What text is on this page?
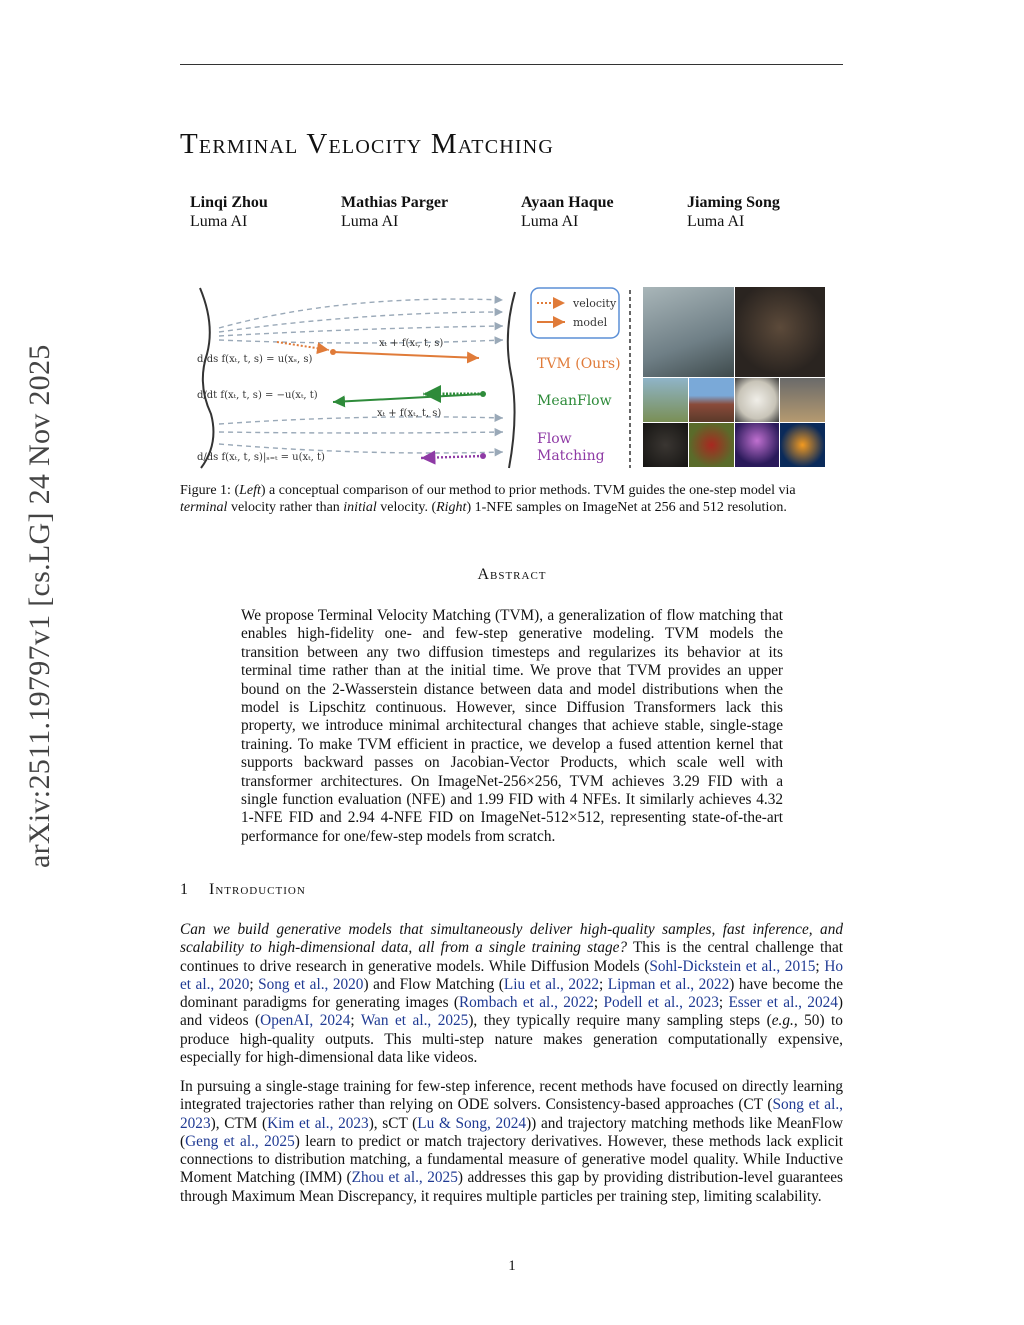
arXiv:2511.19797v1 [cs.LG] 24 Nov 2025
Terminal Velocity Matching
Linqi Zhou
Luma AI
Mathias Parger
Luma AI
Ayaan Haque
Luma AI
Jiaming Song
Luma AI
xₜ + f(xₜ, t, s)
d/ds f(xₜ, t, s) = u(xₛ, s)
d/dt f(xₜ, t, s) = −u(xₜ, t)
xₜ + f(xₜ, t, s)
d/ds f(xₜ, t, s)|ₛ₌ₜ = u(xₜ, t)
velocity
model
TVM (Ours)
MeanFlow
Flow
Matching
Figure 1: (Left) a conceptual comparison of our method to prior methods. TVM guides the one-step model via terminal velocity rather than initial velocity. (Right) 1-NFE samples on ImageNet at 256 and 512 resolution.
Abstract
We propose Terminal Velocity Matching (TVM), a generalization of flow matching that enables high-fidelity one- and few-step generative modeling. TVM models the transition between any two diffusion timesteps and regularizes its behavior at its terminal time rather than at the initial time. We prove that TVM provides an upper bound on the 2-Wasserstein distance between data and model distributions when the model is Lipschitz continuous. However, since Diffusion Transformers lack this property, we introduce minimal architectural changes that achieve stable, single-stage training. To make TVM efficient in practice, we develop a fused attention kernel that supports backward passes on Jacobian-Vector Products, which scale well with transformer architectures. On ImageNet-256×256, TVM achieves 3.29 FID with a single function evaluation (NFE) and 1.99 FID with 4 NFEs. It similarly achieves 4.32 1-NFE FID and 2.94 4-NFE FID on ImageNet-512×512, representing state-of-the-art performance for one/few-step models from scratch.
1 Introduction
Can we build generative models that simultaneously deliver high-quality samples, fast inference, and scalability to high-dimensional data, all from a single training stage? This is the central challenge that continues to drive research in generative models. While Diffusion Models (Sohl-Dickstein et al., 2015; Ho et al., 2020; Song et al., 2020) and Flow Matching (Liu et al., 2022; Lipman et al., 2022) have become the dominant paradigms for generating images (Rombach et al., 2022; Podell et al., 2023; Esser et al., 2024) and videos (OpenAI, 2024; Wan et al., 2025), they typically require many sampling steps (e.g., 50) to produce high-quality outputs. This multi-step nature makes generation computationally expensive, especially for high-dimensional data like videos.
In pursuing a single-stage training for few-step inference, recent methods have focused on directly learning integrated trajectories rather than relying on ODE solvers. Consistency-based approaches (CT (Song et al., 2023), CTM (Kim et al., 2023), sCT (Lu & Song, 2024)) and trajectory matching methods like MeanFlow (Geng et al., 2025) learn to predict or match trajectory derivatives. However, these methods lack explicit connections to distribution matching, a fundamental measure of generative model quality. While Inductive Moment Matching (IMM) (Zhou et al., 2025) addresses this gap by providing distribution-level guarantees through Maximum Mean Discrepancy, it requires multiple particles per training step, limiting scalability.
1
